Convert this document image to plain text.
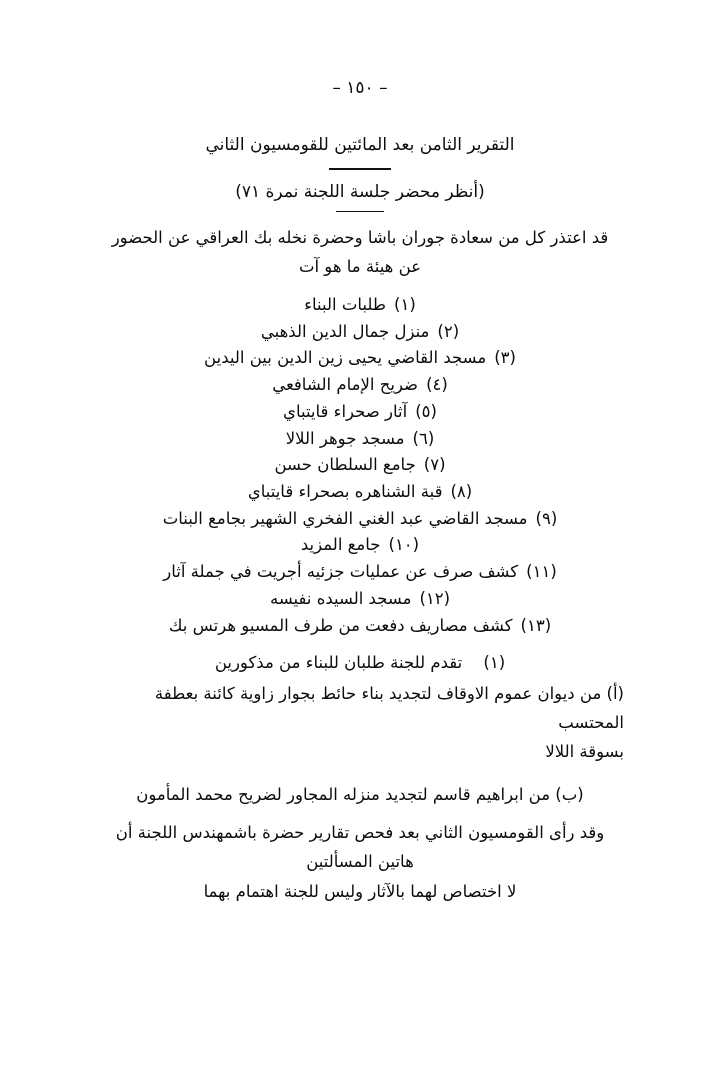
– ١٥٠ –
التقرير الثامن بعد المائتين للقومسيون الثاني
(أنظر محضر جلسة اللجنة نمرة ٧١)
قد اعتذر كل من سعادة جوران باشا وحضرة نخله بك العراقي عن الحضور
عن هيئة ما هو آت
(١)
طلبات البناء
(٢)
منزل جمال الدين الذهبي
(٣)
مسجد القاضي يحيى زين الدين بين اليدين
(٤)
ضريح الإمام الشافعي
(٥)
آثار صحراء قايتباي
(٦)
مسجد جوهر اللالا
(٧)
جامع السلطان حسن
(٨)
قبة الشناهره بصحراء قايتباي
(٩)
مسجد القاضي عبد الغني الفخري الشهير بجامع البنات
(١٠)
جامع المزيد
(١١)
كشف صرف عن عمليات جزئيه أجريت في جملة آثار
(١٢)
مسجد السيده نفيسه
(١٣)
كشف مصاريف دفعت من طرف المسيو هرتس بك
(١) تقدم للجنة طلبان للبناء من مذكورين
(أ) من ديوان عموم الاوقاف لتجديد بناء حائط بجوار زاوية كائنة بعطفة المحتسب
بسوقة اللالا
(ب) من ابراهيم قاسم لتجديد منزله المجاور لضريح محمد المأمون
وقد رأى القومسيون الثاني بعد فحص تقارير حضرة باشمهندس اللجنة أن هاتين المسألتين
لا اختصاص لهما بالآثار وليس للجنة اهتمام بهما
